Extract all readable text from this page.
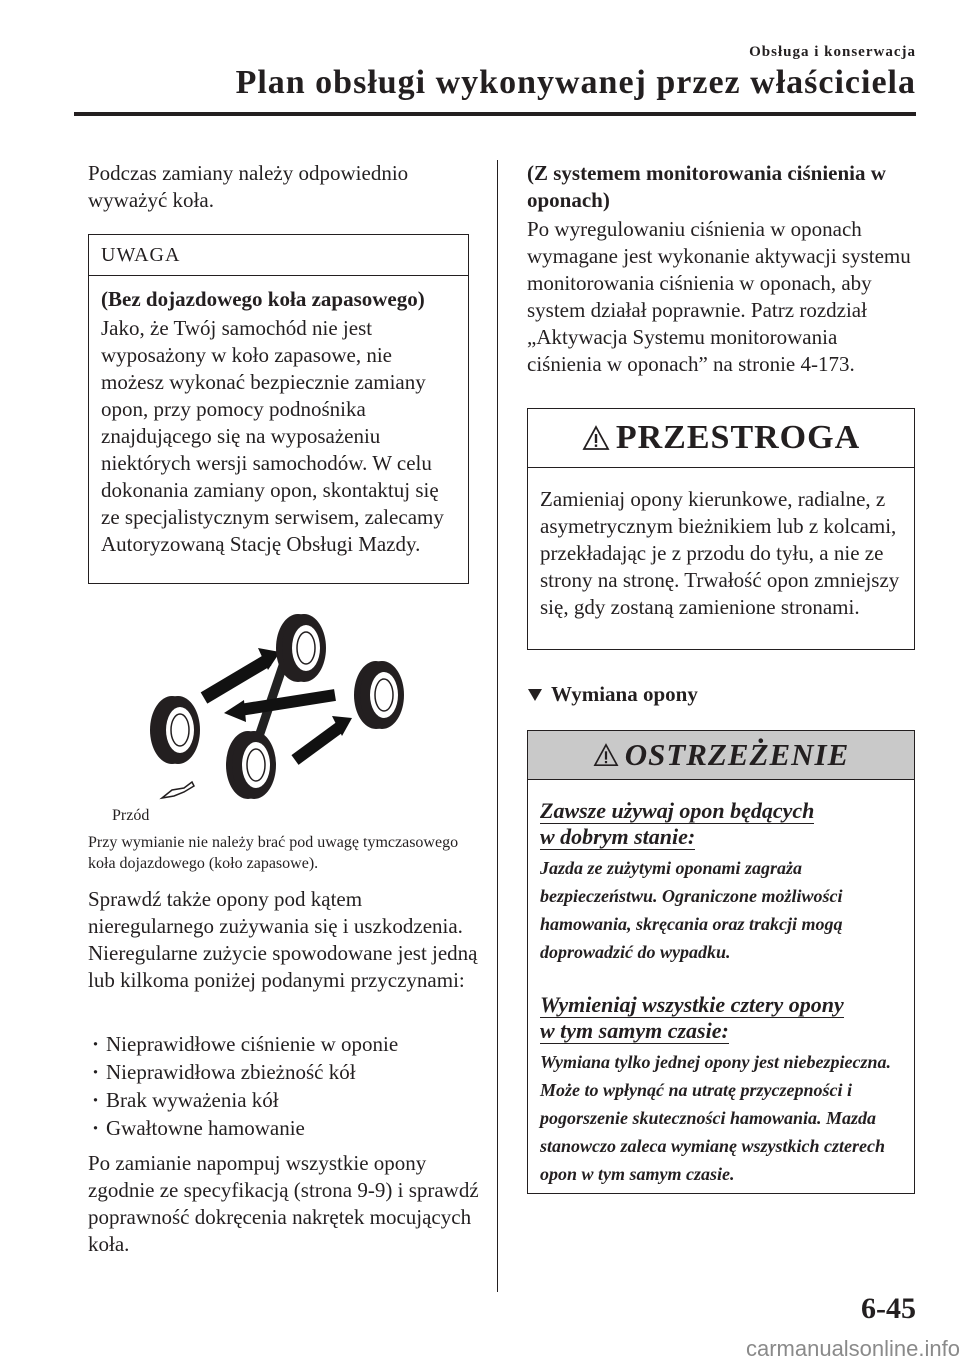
Obsługa i konserwacja
Plan obsługi wykonywanej przez właściciela

Podczas zamiany należy odpowiednio wyważyć koła.

UWAGA

(Bez dojazdowego koła zapasowego)

Jako, że Twój samochód nie jest wyposażony w koło zapasowe, nie możesz wykonać bezpiecznie zamiany opon, przy pomocy podnośnika znajdującego się na wyposażeniu niektórych wersji samochodów. W celu dokonania zamiany opon, skontaktuj się ze specjalistycznym serwisem, zalecamy Autoryzowaną Stację Obsługi Mazdy.

Przód

Przy wymianie nie należy brać pod uwagę tymczasowego koła dojazdowego (koło zapasowe).

Sprawdź także opony pod kątem nieregularnego zużywania się i uszkodzenia. Nieregularne zużycie spowodowane jest jedną lub kilkoma poniżej podanymi przyczynami:

· Nieprawidłowe ciśnienie w oponie
· Nieprawidłowa zbieżność kół
· Brak wyważenia kół
· Gwałtowne hamowanie

Po zamianie napompuj wszystkie opony zgodnie ze specyfikacją (strona 9-9) i sprawdź poprawność dokręcenia nakrętek mocujących koła.

(Z systemem monitorowania ciśnienia w oponach)

Po wyregulowaniu ciśnienia w oponach wymagane jest wykonanie aktywacji systemu monitorowania ciśnienia w oponach, aby system działał poprawnie. Patrz rozdział „Aktywacja Systemu monitorowania ciśnienia w oponach” na stronie 4-173.

PRZESTROGA

Zamieniaj opony kierunkowe, radialne, z asymetrycznym bieżnikiem lub z kolcami, przekładając je z przodu do tyłu, a nie ze strony na stronę. Trwałość opon zmniejszy się, gdy zostaną zamienione stronami.

Wymiana opony
OSTRZEŻENIE

Zawsze używaj opon będących

w dobrym stanie:

Jazda ze zużytymi oponami zagraża bezpieczeństwu. Ograniczone możliwości hamowania, skręcania oraz trakcji mogą doprowadzić do wypadku.

Wymieniaj wszystkie cztery opony

w tym samym czasie:

Wymiana tylko jednej opony jest niebezpieczna. Może to wpłynąć na utratę przyczepności i pogorszenie skuteczności hamowania. Mazda stanowczo zaleca wymianę wszystkich czterech opon w tym samym czasie.

6-45
carmanualsonline.info
